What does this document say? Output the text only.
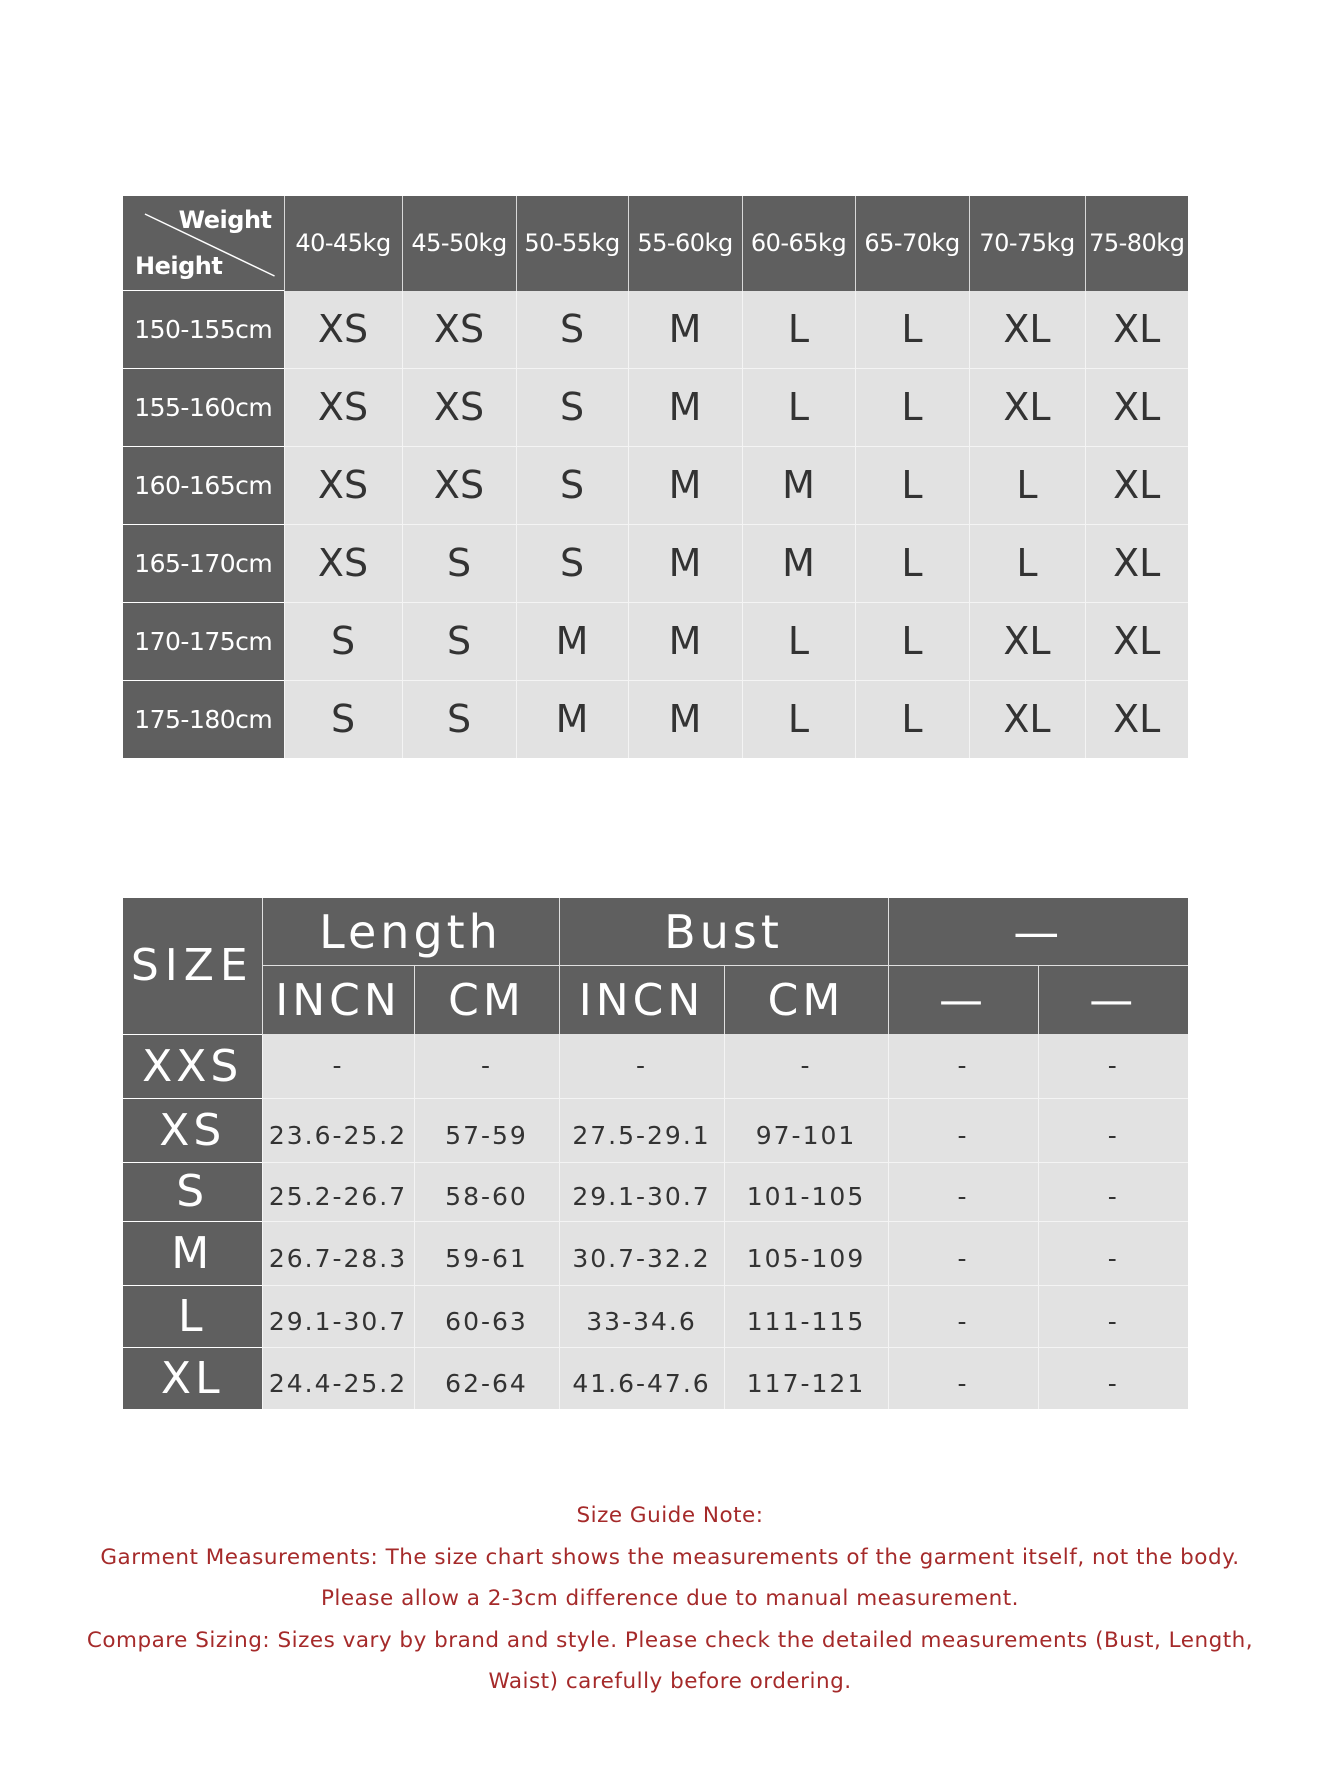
Weight
Height	40-45kg	45-50kg	50-55kg	55-60kg	60-65kg	65-70kg	70-75kg	75-80kg
150-155cm	XS	XS	S	M	L	L	XL	XL
155-160cm	XS	XS	S	M	L	L	XL	XL
160-165cm	XS	XS	S	M	M	L	L	XL
165-170cm	XS	S	S	M	M	L	L	XL
170-175cm	S	S	M	M	L	L	XL	XL
175-180cm	S	S	M	M	L	L	XL	XL
SIZE	Length		Bust		—	
	INCN	CM	INCN	CM	—	—
XXS	-	-	-	-	-	-
XS	23.6-25.2	57-59	27.5-29.1	97-101	-	-
S	25.2-26.7	58-60	29.1-30.7	101-105	-	-
M	26.7-28.3	59-61	30.7-32.2	105-109	-	-
L	29.1-30.7	60-63	33-34.6	111-115	-	-
XL	24.4-25.2	62-64	41.6-47.6	117-121	-	-
Size Guide Note:
Garment Measurements: The size chart shows the measurements of the garment itself, not the body.
Please allow a 2-3cm difference due to manual measurement.
Compare Sizing: Sizes vary by brand and style. Please check the detailed measurements (Bust, Length,
Waist) carefully before ordering.
